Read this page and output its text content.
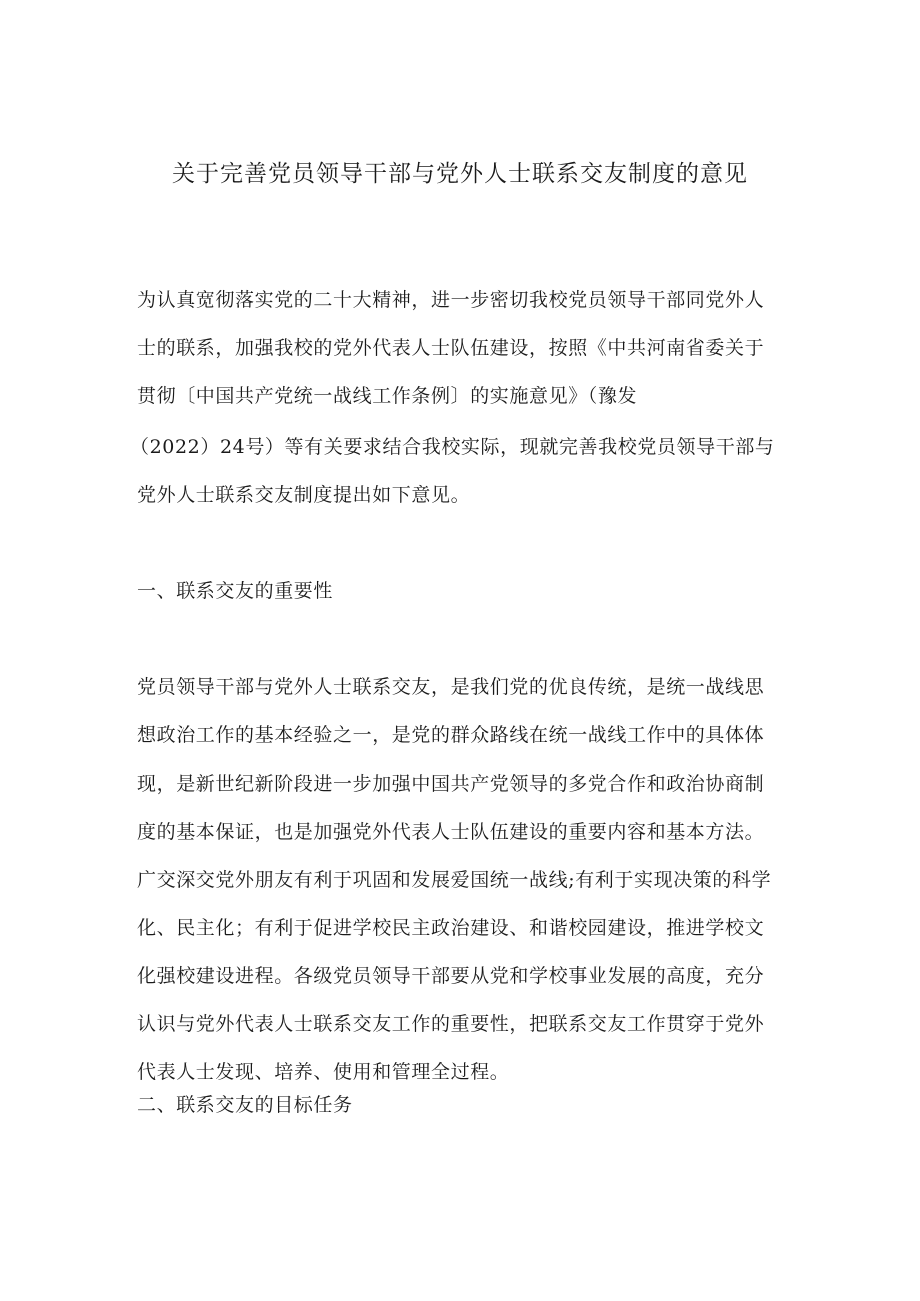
关于完善党员领导干部与党外人士联系交友制度的意见
为认真宽彻落实党的二十大精神，进一步密切我校党员领导干部同党外人
士的联系，加强我校的党外代表人士队伍建设，按照《中共河南省委关于
贯彻〔中国共产党统一战线工作条例〕的实施意见》（豫发
（2022）24号）等有关要求结合我校实际，现就完善我校党员领导干部与
党外人士联系交友制度提出如下意见。
一、联系交友的重要性
党员领导干部与党外人士联系交友，是我们党的优良传统，是统一战线思
想政治工作的基本经验之一，是党的群众路线在统一战线工作中的具体体
现，是新世纪新阶段进一步加强中国共产党领导的多党合作和政治协商制
度的基本保证，也是加强党外代表人士队伍建设的重要内容和基本方法。
广交深交党外朋友有利于巩固和发展爱国统一战线;有利于实现决策的科学
化、民主化；有利于促进学校民主政治建设、和谐校园建设，推进学校文
化强校建设进程。各级党员领导干部要从党和学校事业发展的高度，充分
认识与党外代表人士联系交友工作的重要性，把联系交友工作贯穿于党外
代表人士发现、培养、使用和管理全过程。
二、联系交友的目标任务
